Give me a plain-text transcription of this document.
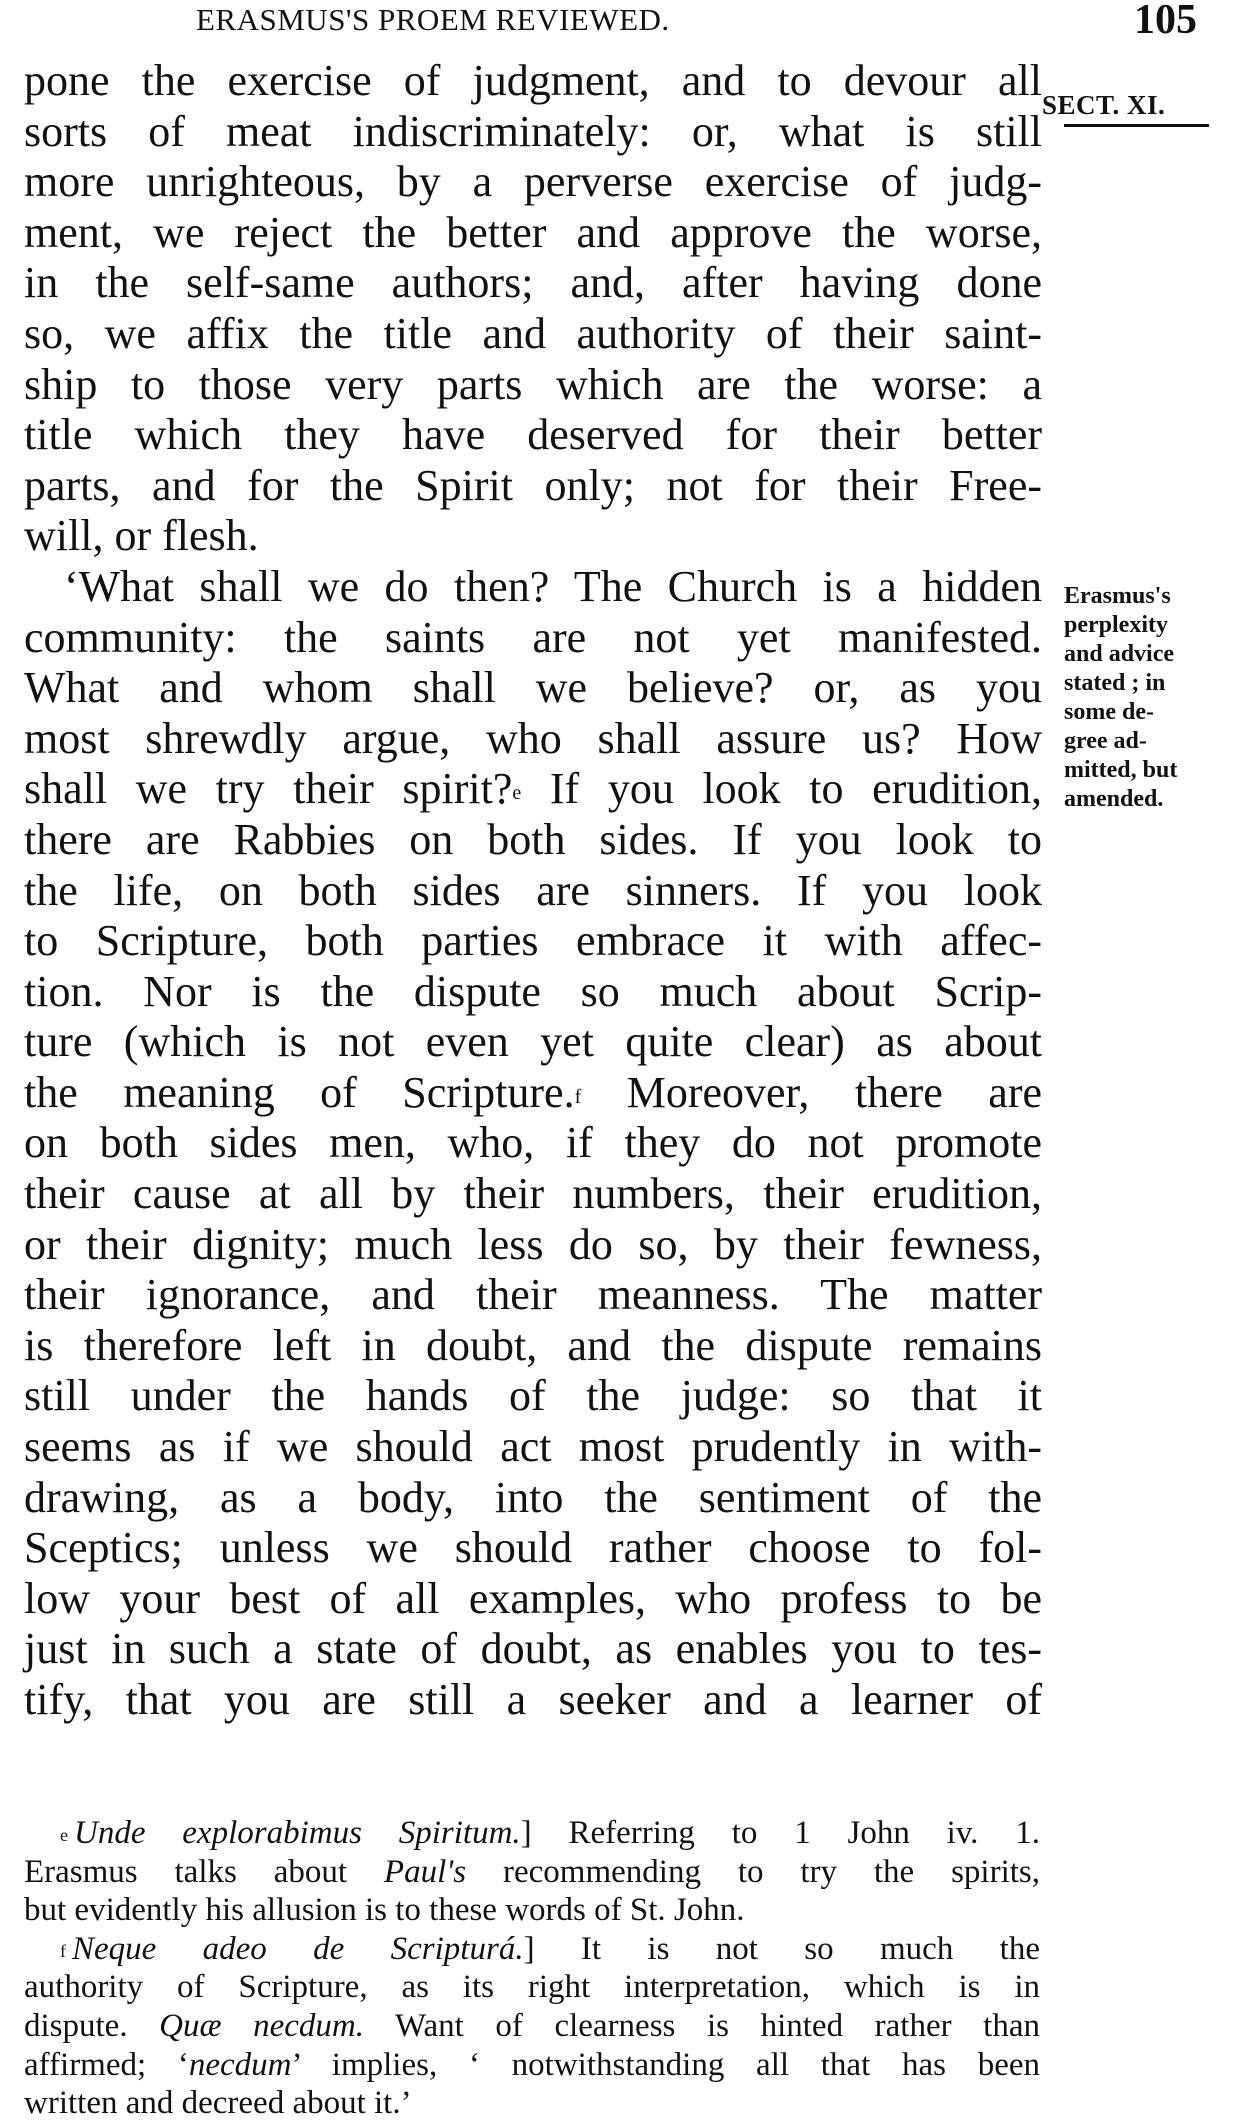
ERASMUS'S PROEM REVIEWED.	105
SECT. XI.
Erasmus's
perplexity
and advice
stated ; in
some de-
gree ad-
mitted, but
amended.
pone the exercise of judgment, and to devour all
sorts of meat indiscriminately: or, what is still
more unrighteous, by a perverse exercise of judg-
ment, we reject the better and approve the worse,
in the self-same authors; and, after having done
so, we affix the title and authority of their saint-
ship to those very parts which are the worse: a
title which they have deserved for their better
parts, and for the Spirit only; not for their Free-
will, or flesh.
‘What shall we do then? The Church is a hidden
community: the saints are not yet manifested.
What and whom shall we believe? or, as you
most shrewdly argue, who shall assure us? How
shall we try their spirit?$^e$ If you look to erudition,
there are Rabbies on both sides. If you look to
the life, on both sides are sinners. If you look
to Scripture, both parties embrace it with affec-
tion. Nor is the dispute so much about Scrip-
ture (which is not even yet quite clear) as about
the meaning of Scripture.$^f$ Moreover, there are
on both sides men, who, if they do not promote
their cause at all by their numbers, their erudition,
or their dignity; much less do so, by their fewness,
their ignorance, and their meanness. The matter
is therefore left in doubt, and the dispute remains
still under the hands of the judge: so that it
seems as if we should act most prudently in with-
drawing, as a body, into the sentiment of the
Sceptics; unless we should rather choose to fol-
low your best of all examples, who profess to be
just in such a state of doubt, as enables you to tes-
tify, that you are still a seeker and a learner of
$^e$ Unde explorabimus Spiritum.] Referring to 1 John iv. 1.
Erasmus talks about Paul's recommending to try the spirits,
but evidently his allusion is to these words of St. John.
$^f$ Neque adeo de Scripturá.] It is not so much the
authority of Scripture, as its right interpretation, which is in
dispute. Quæ necdum. Want of clearness is hinted rather than
affirmed; ‘necdum’ implies, ‘ notwithstanding all that has been
written and decreed about it.’
